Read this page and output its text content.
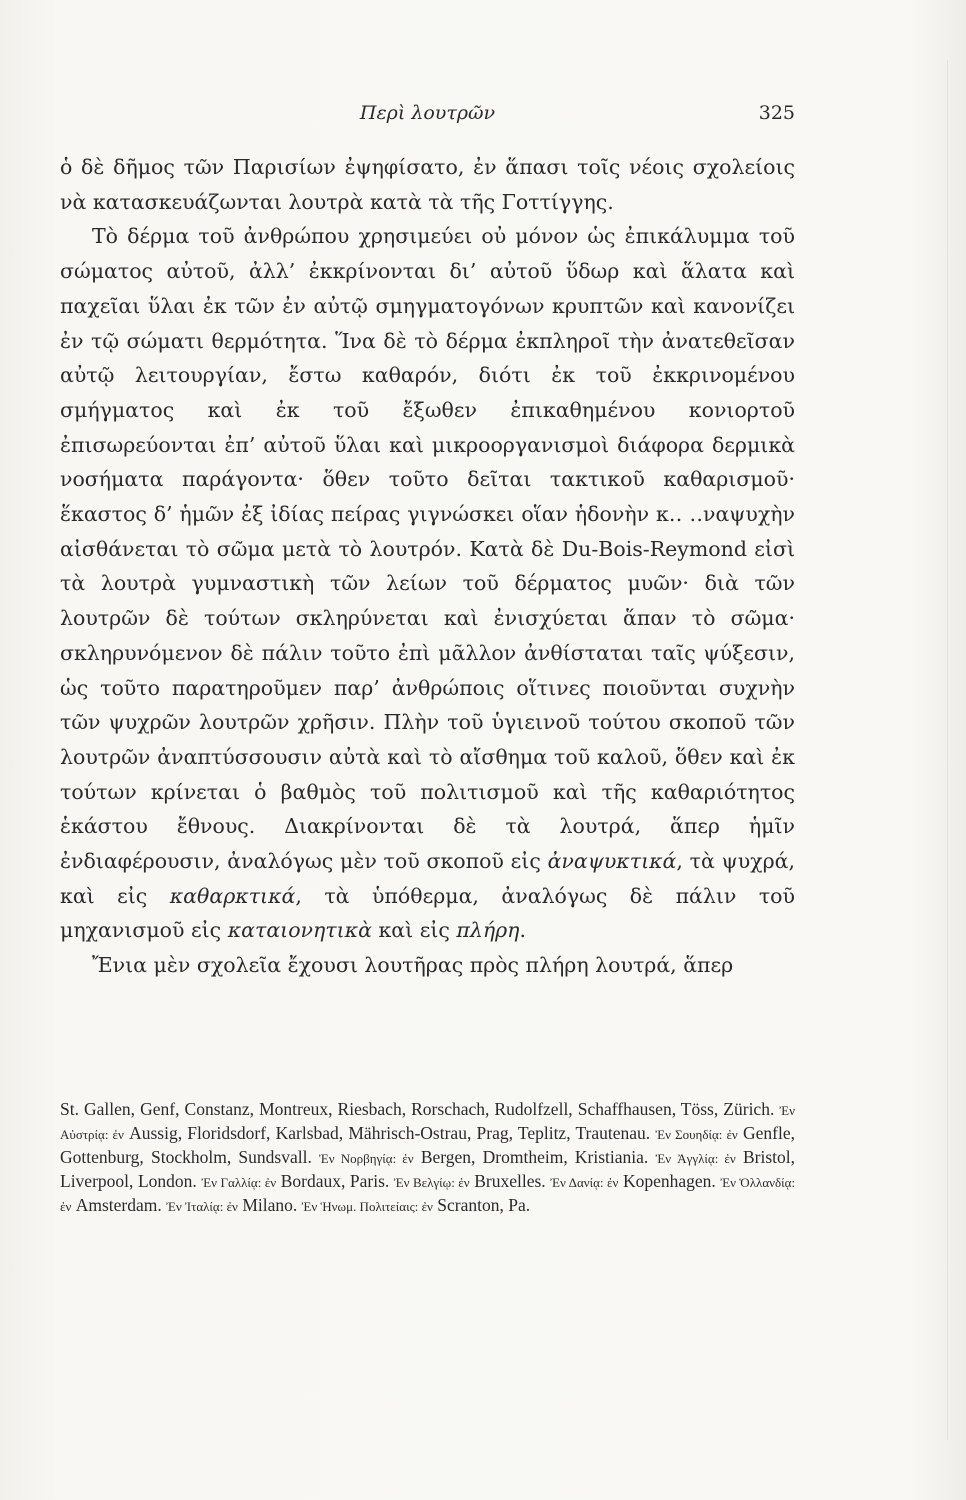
Περὶ λουτρῶν	325

ὁ δὲ δῆμος τῶν Παρισίων ἐψηφίσατο, ἐν ἅπασι τοῖς νέοις σχολείοις νὰ κατασκευάζωνται λουτρὰ κατὰ τὰ τῆς Γοττίγγης.

Τὸ δέρμα τοῦ ἀνθρώπου χρησιμεύει οὐ μόνον ὡς ἐπικάλυμμα τοῦ σώματος αὐτοῦ, ἀλλ’ ἐκκρίνονται δι’ αὐτοῦ ὕδωρ καὶ ἅλατα καὶ παχεῖαι ὕλαι ἐκ τῶν ἐν αὐτῷ σμηγματογόνων κρυπτῶν καὶ κανονίζει ἐν τῷ σώματι θερμότητα. Ἵνα δὲ τὸ δέρμα ἐκπληροῖ τὴν ἀνατεθεῖσαν αὐτῷ λειτουργίαν, ἔστω καθαρόν, διότι ἐκ τοῦ ἐκκρινομένου σμήγματος καὶ ἐκ τοῦ ἔξωθεν ἐπικαθημένου κονιορτοῦ ἐπισωρεύονται ἐπ’ αὐτοῦ ὕλαι καὶ μικροοργανισμοὶ διάφορα δερμικὰ νοσήματα παράγοντα· ὅθεν τοῦτο δεῖται τακτικοῦ καθαρισμοῦ· ἕκαστος δ’ ἡμῶν ἐξ ἰδίας πείρας γιγνώσκει οἵαν ἡδονὴν κ‥ ‥ναψυχὴν αἰσθάνεται τὸ σῶμα μετὰ τὸ λουτρόν. Κατὰ δὲ Du-Bois-Reymond εἰσὶ τὰ λουτρὰ γυμναστικὴ τῶν λείων τοῦ δέρματος μυῶν· διὰ τῶν λουτρῶν δὲ τούτων σκληρύνεται καὶ ἐνισχύεται ἅπαν τὸ σῶμα· σκληρυνόμενον δὲ πάλιν τοῦτο ἐπὶ μᾶλλον ἀνθίσταται ταῖς ψύξεσιν, ὡς τοῦτο παρατηροῦμεν παρ’ ἀνθρώποις οἵτινες ποιοῦνται συχνὴν τῶν ψυχρῶν λουτρῶν χρῆσιν. Πλὴν τοῦ ὑγιεινοῦ τούτου σκοποῦ τῶν λουτρῶν ἀναπτύσσουσιν αὐτὰ καὶ τὸ αἴσθημα τοῦ καλοῦ, ὅθεν καὶ ἐκ τούτων κρίνεται ὁ βαθμὸς τοῦ πολιτισμοῦ καὶ τῆς καθαριότητος ἑκάστου ἔθνους. Διακρίνονται δὲ τὰ λουτρά, ἅπερ ἡμῖν ἐνδιαφέρουσιν, ἀναλόγως μὲν τοῦ σκοποῦ εἰς ἀναψυκτικά, τὰ ψυχρά, καὶ εἰς καθαρκτικά, τὰ ὑπόθερμα, ἀναλόγως δὲ πάλιν τοῦ μηχανισμοῦ εἰς καταιονητικὰ καὶ εἰς πλήρη.

Ἔνια μὲν σχολεῖα ἔχουσι λουτῆρας πρὸς πλήρη λουτρά, ἅπερ

St. Gallen, Genf, Constanz, Montreux, Riesbach, Rorschach, Rudolfzell, Schaffhausen, Töss, Zürich. Ἐν Αὐστρίᾳ: ἐν Aussig, Floridsdorf, Karlsbad, Mährisch-Ostrau, Prag, Teplitz, Trautenau. Ἐν Σουηδίᾳ: ἐν Genfle, Gottenburg, Stockholm, Sundsvall. Ἐν Νορβηγίᾳ: ἐν Bergen, Dromtheim, Kristiania. Ἐν Ἀγγλίᾳ: ἐν Bristol, Liverpool, London. Ἐν Γαλλίᾳ: ἐν Bordaux, Paris. Ἐν Βελγίῳ: ἐν Bruxelles. Ἐν Δανίᾳ: ἐν Kopenhagen. Ἐν Ὁλλανδίᾳ: ἐν Amsterdam. Ἐν Ἰταλίᾳ: ἐν Milano. Ἐν Ἡνωμ. Πολιτείαις: ἐν Scranton, Pa.
